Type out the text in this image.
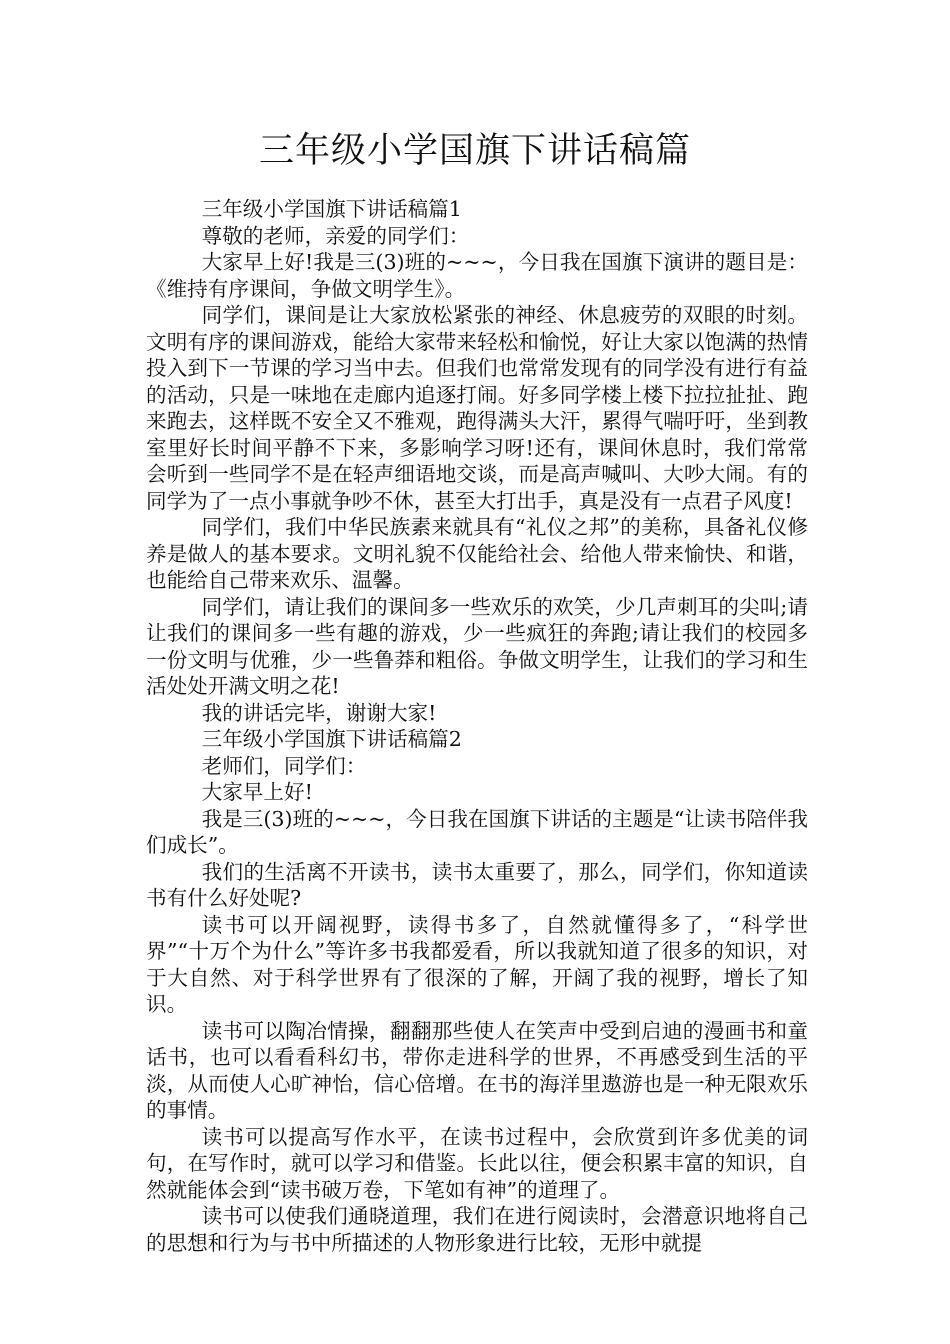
三年级小学国旗下讲话稿篇

三年级小学国旗下讲话稿篇1

尊敬的老师，亲爱的同学们：

大家早上好!我是三(3)班的~~~，今日我在国旗下演讲的题目是：《维持有序课间，争做文明学生》。

同学们，课间是让大家放松紧张的神经、休息疲劳的双眼的时刻。文明有序的课间游戏，能给大家带来轻松和愉悦，好让大家以饱满的热情投入到下一节课的学习当中去。但我们也常常发现有的同学没有进行有益的活动，只是一味地在走廊内追逐打闹。好多同学楼上楼下拉拉扯扯、跑来跑去，这样既不安全又不雅观，跑得满头大汗，累得气喘吁吁，坐到教室里好长时间平静不下来，多影响学习呀!还有，课间休息时，我们常常会听到一些同学不是在轻声细语地交谈，而是高声喊叫、大吵大闹。有的同学为了一点小事就争吵不休，甚至大打出手，真是没有一点君子风度!

同学们，我们中华民族素来就具有“礼仪之邦”的美称，具备礼仪修养是做人的基本要求。文明礼貌不仅能给社会、给他人带来愉快、和谐，也能给自己带来欢乐、温馨。

同学们，请让我们的课间多一些欢乐的欢笑，少几声刺耳的尖叫;请让我们的课间多一些有趣的游戏，少一些疯狂的奔跑;请让我们的校园多一份文明与优雅，少一些鲁莽和粗俗。争做文明学生，让我们的学习和生活处处开满文明之花!

我的讲话完毕，谢谢大家!

三年级小学国旗下讲话稿篇2

老师们，同学们：

大家早上好!

我是三(3)班的~~~，今日我在国旗下讲话的主题是“让读书陪伴我们成长”。

我们的生活离不开读书，读书太重要了，那么，同学们，你知道读书有什么好处呢?

读书可以开阔视野，读得书多了，自然就懂得多了，“科学世界”“十万个为什么”等许多书我都爱看，所以我就知道了很多的知识，对于大自然、对于科学世界有了很深的了解，开阔了我的视野，增长了知识。

读书可以陶冶情操，翻翻那些使人在笑声中受到启迪的漫画书和童话书，也可以看看科幻书，带你走进科学的世界，不再感受到生活的平淡，从而使人心旷神怡，信心倍增。在书的海洋里遨游也是一种无限欢乐的事情。

读书可以提高写作水平，在读书过程中，会欣赏到许多优美的词句，在写作时，就可以学习和借鉴。长此以往，便会积累丰富的知识，自然就能体会到“读书破万卷，下笔如有神”的道理了。

读书可以使我们通晓道理，我们在进行阅读时，会潜意识地将自己的思想和行为与书中所描述的人物形象进行比较，无形中就提
